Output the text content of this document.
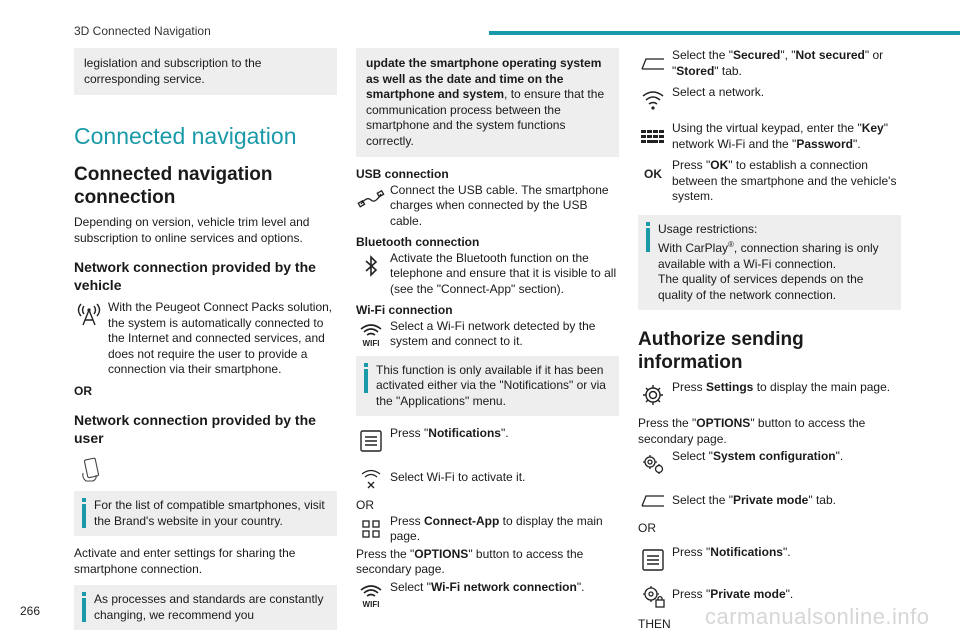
3D Connected Navigation
legislation and subscription to the corresponding service.
Connected navigation
Connected navigation connection

Depending on version, vehicle trim level and subscription to online services and options.

Network connection provided by the vehicle
With the Peugeot Connect Packs solution, the system is automatically connected to the Internet and connected services, and does not require the user to provide a connection via their smartphone.

OR

Network connection provided by the user
For the list of compatible smartphones, visit the Brand's website in your country.

Activate and enter settings for sharing the smartphone connection.

As processes and standards are constantly changing, we recommend you
update the smartphone operating system as well as the date and time on the smartphone and system, to ensure that the communication process between the smartphone and the system functions correctly.
USB connection
Connect the USB cable. The smartphone charges when connected by the USB cable.
Bluetooth connection
Activate the Bluetooth function on the telephone and ensure that it is visible to all (see the "Connect-App" section).
Wi-Fi connection
WIFI
Select a Wi-Fi network detected by the system and connect to it.
This function is only available if it has been activated either via the "Notifications" or via the "Applications" menu.
Press "Notifications".
Select Wi-Fi to activate it.

OR

Press Connect-App to display the main page.

Press the "OPTIONS" button to access the secondary page.

WIFI
Select "Wi-Fi network connection".
Select the "Secured", "Not secured" or "Stored" tab.
Select a network.
Using the virtual keypad, enter the "Key" network Wi-Fi and the "Password".
OK
Press "OK" to establish a connection between the smartphone and the vehicle's system.
Usage restrictions:
With CarPlay®, connection sharing is only available with a Wi-Fi connection.
The quality of services depends on the quality of the network connection.
Authorize sending information
Press Settings to display the main page.

Press the "OPTIONS" button to access the secondary page.

Select "System configuration".
Select the "Private mode" tab.

OR

Press "Notifications".
Press "Private mode".

THEN

266	carmanualsonline.info
